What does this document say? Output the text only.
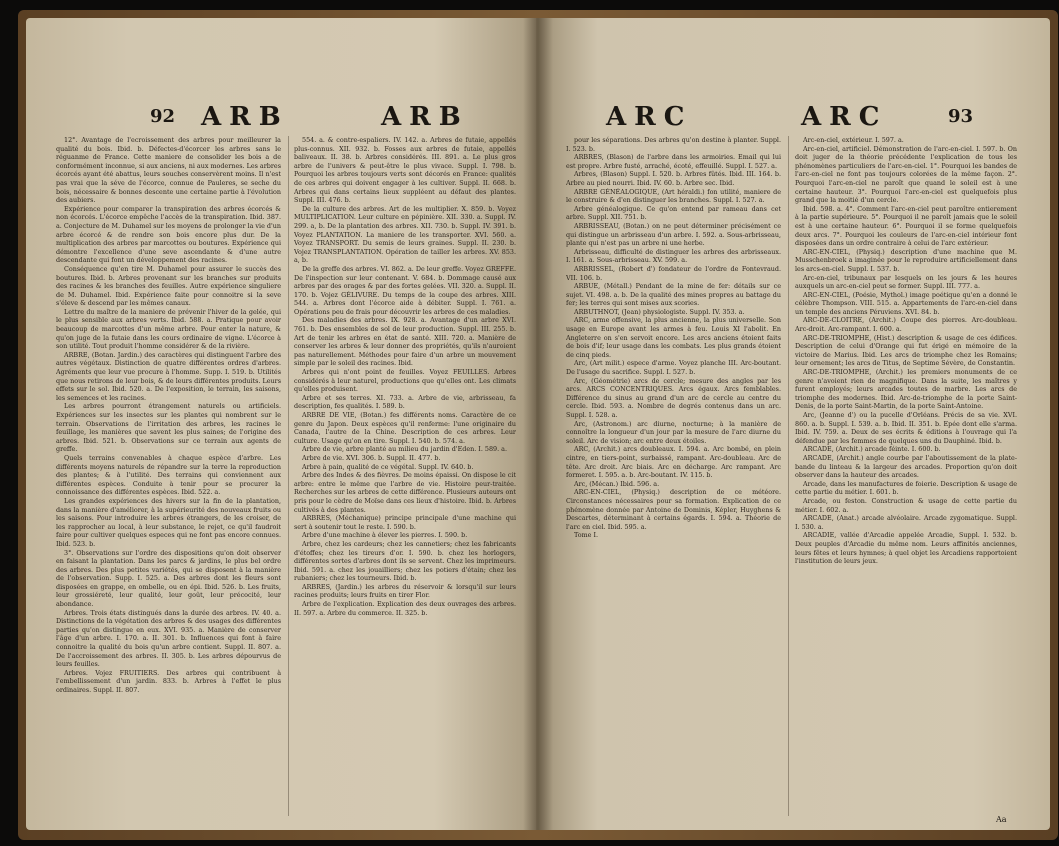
92 ARB	ARB

12°. Avantage de l'ecroissement des arbres pour meilleurer la qualité du bois. Ibid. b. Défectes-d'écorcer les arbres sans le réguanme de France. Cette maniere de consolider les bois a de conformément inconnue, si aux anciens, ni aux modernes. Les arbres écorcés ayant été abattus, leurs souches conservèrent moins. Il n'est pas vrai que la séve de l'écorce, connue de Pauleres, se seche du bois, nécessaire & bonnes descente une certaine partie à l'évolution des aubiers.

Expérience pour comparer la transpiration des arbres écorcés & non écorcés. L'écorce empêche l'accès de la transpiration. Ibid. 387. a. Conjecture de M. Duhamel sur les moyens de prolonger la vie d'un arbre écorcé & de rendre son bois encore plus dur. De la multiplication des arbres par marcottes ou boutures. Expérience qui démontre l'excellence d'une seve ascendante & d'une autre descendante qui font un développement des racines.

Conséquence qu'en tire M. Duhamel pour assurer le succès des boutures. Ibid. b. Arbres provenant sur les branches sur produits des racines & les branches des feuilles. Autre expérience singuliere de M. Duhamel. Ibid. Expérience faite pour connoitre si la seve s'éleve & descend par les mêmes canaux.

Lettre du maître de la maniere de prévenir l'hiver de la gelée, qui le plus sensible aux arbres verts. Ibid. 588. a. Pratique pour avoir beaucoup de marcottes d'un même arbre. Pour enter la nature, & qu'on juge de la futaie dans les cours ordinaire de vigne. L'écorce à son utilité. Tout produit l'homme considérer & de la rivière.

ARBRE, (Botan. Jardin.) des caractères qui distinguent l'arbre des autres végétaux. Distinction de quatre différentes ordres d'arbres. Agréments que leur vue procure à l'homme. Supp. I. 519. b. Utilités que nous retirons de leur bois, & de leurs différentes produits. Leurs effets sur le sol. Ibid. 520. a. De l'exposition, le terrain, les saisons, les semences et les racines.

Les arbres pourront étrangement naturels ou artificiels. Expériences sur les insectes sur les plantes qui nombrent sur le terrain. Observations de l'irritation des arbres, les racines le feuillage, les manières que savent les plus saines; de l'origine des arbres. Ibid. 521. b. Observations sur ce terrain aux agents de greffe.

Quels terrains convenables à chaque espèce d'arbre. Les différents moyens naturels de répandre sur la terre la reproduction des plantes; & à l'utilité. Des terrains qui conviennent aux différentes espèces. Conduite à tenir pour se procurer la connoissance des différentes espèces. Ibid. 522. a.

Les grandes expériences des hivers sur la fin de la plantation, dans la manière d'améliorer, à la supérieurité des nouveaux fruits ou les saisons. Pour introduire les arbres étrangers, de les croiser, de les rapprocher au local, à leur substance, le rejet, ce qu'il faudroit faire pour cultiver quelques especes qui ne font pas encore connues. Ibid. 523. b.

3°. Observations sur l'ordre des dispositions qu'on doit observer en faisant la plantation. Dans les parcs & jardins, le plus bel ordre des arbres. Des plus petites variétés, qui se disposent à la manière de l'observation. Supp. I. 525. a. Des arbres dont les fleurs sont disposées en grappe, en ombelle, ou en épi. Ibid. 526. b. Les fruits, leur grossiéreté, leur qualité, leur goût, leur précocité, leur abondance.

Arbres. Trois états distingués dans la durée des arbres. IV. 40. a. Distinctions de la végétation des arbres & des usages des différentes parties qu'on distingue en eux. XVI. 935. a. Manière de conserver l'âge d'un arbre. I. 170. a. II. 301. b. Influences qui font à faire connoitre la qualité du bois qu'un arbre contient. Suppl. II. 807. a. De l'accroissement des arbres. II. 305. b. Les arbres dépourvus de leurs feuilles.

Arbres. Vojez FRUITIERS. Des arbres qui contribuent à l'embellissement d'un jardin. 833. b. Arbres à l'effet le plus ordinaires. Suppl. II. 807.

554. a. & contre-espaliers. IV. 142. a. Arbres de futaie, appellés plus-connus. XII. 932. b. Fosses aux arbres de futaie, appellés baliveaux. II. 38. b. Arbres considérés. III. 891. a. Le plus gros arbre de l'univers & peut-être le plus vivace. Suppl. I. 798. b. Pourquoi les arbres toujours verts sont décorés en France: qualités de ces arbres qui doivent engager à les cultiver. Suppl. II. 668. b. Arbres qui dans certains lieux suppléent au défaut des plantes. Suppl. III. 476. b.

De la culture des arbres. Art de les multiplier. X. 859. b. Voyez MULTIPLICATION. Leur culture en pépinière. XII. 330. a. Suppl. IV. 299. a, b. De la plantation des arbres. XII. 730. b. Suppl. IV. 391. b. Voyez PLANTATION. La maniere de les transporter. XVI. 560. a. Voyez TRANSPORT. Du semis de leurs graines. Suppl. II. 230. b. Vojez TRANSPLANTATION. Opération de tailler les arbres. XV. 853. a, b.

De la greffe des arbres. VI. 862. a. De leur greffe. Voyez GREFFE. De l'inspection sur leur contenant. V. 684. b. Dommage causé aux arbres par des orages & par des fortes gelées. VII. 320. a. Suppl. II. 170. b. Vojez GÉLIVURE. Du temps de la coupe des arbres. XIII. 544. a. Arbres dont l'écorce aide à débiter. Suppl. I. 761. a. Opérations peu de frais pour découvrir les arbres de ces maladies.

Des maladies des arbres. IX. 928. a. Avantage d'un arbre XVI. 761. b. Des ensembles de sol de leur production. Suppl. III. 255. b. Art de tenir les arbres en état de santé. XIII. 720. a. Manière de conserver les arbres & leur donner des propriétés, qu'ils n'auroient pas naturellement. Méthodes pour faire d'un arbre un mouvement simple par le soleil des racines. Ibid.

Arbres qui n'ont point de feuilles. Voyez FEUILLES. Arbres considérés à leur naturel, productions que qu'elles ont. Les climats qu'elles produisent.

Arbre et ses terres. XI. 733. a. Arbre de vie, arbrisseau, fa description, fes qualités. I. 589. b.

ARBRE DE VIE, (Botan.) fes différents noms. Caractère de ce genre du Japon. Deux espèces qu'il renferme: l'une originaire du Canada, l'autre de la Chine. Description de ces arbres. Leur culture. Usage qu'on en tire. Suppl. I. 540. b. 574. a.

Arbre de vie, arbre planté au milieu du jardin d'Eden. I. 589. a.

Arbre de vie. XVI. 306. b. Suppl. II. 477. b.

Arbre à pain, qualité de ce végétal. Suppl. IV. 640. b.

Arbre des Indes & des fièvres. De moins épaissi. On dispose le cit arbre: entre le même que l'arbre de vie. Histoire peur-traitée. Recherches sur les arbres de cette différence. Plusieurs auteurs ont pris pour le cèdre de Moïse dans ces lieux d'histoire. Ibid. b. Arbres cultivés à des plantes.

ARBRES, (Méchanique) principe principale d'une machine qui sert à soutenir tout le reste. I. 590. b.

Arbre d'une machine à élever les pierres. I. 590. b.

Arbre, chez les cardeurs; chez les cannetiers; chez les fabricants d'étoffes; chez les tireurs d'or. I. 590. b. chez les horlogers, différentes sortes d'arbres dont ils se servent. Chez les imprimeurs. Ibid. 591. a. chez les jouailliers; chez les potiers d'étain; chez les rubaniers; chez les tourneurs. Ibid. b.

ARBRES, (Jardin.) les arbres du réservoir & lorsqu'il sur leurs racines produits; leurs fruits en tirer Flor.

Arbre de l'explication. Explication des deux ouvrages des arbres. II. 597. a. Arbre du commerce. II. 325. b.

ARC	ARC	93

pour les séparations. Des arbres qu'on destine à planter. Suppl. I. 523. b.

ARBRES, (Blason) de l'arbre dans les armoiries. Email qui lui est propre. Arbre fusté, arraché, écoté, effeuillé. Suppl. I. 527. a.

Arbres, (Blason) Suppl. I. 520. b. Arbres fûtés. Ibid. III. 164. b. Arbre au pied nourri. Ibid. IV. 60. b. Arbre sec. Ibid.

ARBRE GÉNÉALOGIQUE, (Art héraldi.) fon utilité, maniere de le construire & d'en distinguer les branches. Suppl. I. 527. a.

Arbre généalogique. Ce qu'on entend par rameau dans cet arbre. Suppl. XII. 751. b.

ARBRISSEAU, (Botan.) on ne peut déterminer précisément ce qui distingue un arbrisseau d'un arbre. I. 592. a. Sous-arbrisseau, plante qui n'est pas un arbre ni une herbe.

Arbrisseau, difficulté de distinguer les arbres des arbrisseaux. I. 161. a. Sous-arbrisseau. XV. 599. a.

ARBRISSEL, (Robert d') fondateur de l'ordre de Fontevraud. VII. 106. b.

ARBUE, (Métall.) Pendant de la mine de fer: détails sur ce sujet. VI. 498. a. b. De la qualité des mines propres au battage du fer; les terres qui sont mises aux scories.

ARBUTHNOT, (Jean) physiologiste. Suppl. IV. 353. a.

ARC, arme offensive, la plus ancienne, la plus universelle. Son usage en Europe avant les armes à feu. Louis XI l'abolit. En Angleterre on s'en servoit encore. Les arcs anciens étoient faits de bois d'if; leur usage dans les combats. Les plus grands étoient de cinq pieds.

Arc, (Art milit.) espece d'arme. Voyez planche III. Arc-boutant. De l'usage du sacrifice. Suppl. I. 527. b.

Arc, (Géométrie) arcs de cercle; mesure des angles par les arcs. ARCS CONCENTRIQUES. Arcs égaux. Arcs femblables. Différence du sinus au grand d'un arc de cercle au centre du cercle. Ibid. 593. a. Nombre de degrés contenus dans un arc. Suppl. I. 528. a.

Arc, (Astronom.) arc diurne, nocturne; à la manière de connoître la longueur d'un jour par la mesure de l'arc diurne du soleil. Arc de vision; arc entre deux étoiles.

ARC, (Archit.) arcs doubleaux. I. 594. a. Arc bombé, en plein cintre, en tiers-point, surbaissé, rampant. Arc-doubleau. Arc de tête. Arc droit. Arc biais. Arc en décharge. Arc rampant. Arc formeret. I. 595. a. b. Arc-boutant. IV. 115. b.

Arc, (Mécan.) Ibid. 596. a.

ARC-EN-CIEL, (Physiq.) description de ce météore. Circonstances nécessaires pour sa formation. Explication de ce phénomène donnée par Antoine de Dominis, Képler, Huyghens & Descartes, déterminant à certains égards. I. 594. a. Théorie de l'arc en ciel. Ibid. 595. a.

Tome I.

Arc-en-ciel, extérieur. I. 597. a.

Arc-en-ciel, artificiel. Démonstration de l'arc-en-ciel. I. 597. b. On doit juger de la théorie précédente l'explication de tous les phénomènes particuliers de l'arc-en-ciel. 1°. Pourquoi les bandes de l'arc-en-ciel ne font pas toujours colorées de la même façon. 2°. Pourquoi l'arc-en-ciel ne paroît que quand le soleil est à une certaine hauteur. 3°. Pourquoi l'arc-en-ciel est quelquefois plus grand que la moitié d'un cercle.

Ibid. 598. a. 4°. Comment l'arc-en-ciel peut paroître entierement à la partie supérieure. 5°. Pourquoi il ne paroît jamais que le soleil est à une certaine hauteur. 6°. Pourquoi il se forme quelquefois deux arcs. 7°. Pourquoi les couleurs de l'arc-en-ciel intérieur font disposées dans un ordre contraire à celui de l'arc extérieur.

ARC-EN-CIEL, (Physiq.) description d'une machine que M. Musschenbroek a imaginée pour le reproduire artificiellement dans les arcs-en-ciel. Suppl. I. 537. b.

Arc-en-ciel, tribunaux par lesquels on les jours & les heures auxquels un arc-en-ciel peut se former. Suppl. III. 777. a.

ARC-EN-CIEL, (Poésie, Mythol.) image poétique qu'en a donné le célèbre Thompson. VIII. 515. a. Appartements de l'arc-en-ciel dans un temple des anciens Péruviens. XVI. 84. b.

ARC-DE-CLOITRE, (Archit.) Coupe des pierres. Arc-doubleau. Arc-droit. Arc-rampant. I. 600. a.

ARC-DE-TRIOMPHE, (Hist.) description & usage de ces édifices. Description de celui d'Orange qui fut érigé en mémoire de la victoire de Marius. Ibid. Les arcs de triomphe chez les Romains; leur ornement; les arcs de Titus, de Septime Sévère, de Constantin.

ARC-DE-TRIOMPHE, (Archit.) les premiers monuments de ce genre n'avoient rien de magnifique. Dans la suite, les maîtres y furent employés; leurs arcades toutes de marbre. Les arcs de triomphe des modernes. Ibid. Arc-de-triomphe de la porte Saint-Denis, de la porte Saint-Martin, de la porte Saint-Antoine.

Arc, (Jeanne d') ou la pucelle d'Orléans. Précis de sa vie. XVI. 860. a. b. Suppl. I. 539. a. b. Ibid. II. 351. b. Epée dont elle s'arma. Ibid. IV. 759. a. Deux de ses écrits & éditions à l'ouvrage qui l'a défendue par les femmes de quelques uns du Dauphiné. Ibid. b.

ARCADE, (Archit.) arcade féinte. I. 600. b.

ARCADE, (Archit.) angle courbe par l'aboutissement de la plate-bande du linteau & la largeur des arcades. Proportion qu'on doit observer dans la hauteur des arcades.

Arcade, dans les manufactures de foierie. Description & usage de cette partie du métier. I. 601. b.

Arcade, ou feston. Construction & usage de cette partie du métier. I. 602. a.

ARCADE, (Anat.) arcade alvéolaire. Arcade zygomatique. Suppl. I. 530. a.

ARCADIE, vallée d'Arcadie appelée Arcadie, Suppl. I. 532. b. Deux peuples d'Arcadie du même nom. Leurs affinités anciennes, leurs fêtes et leurs hymnes; à quel objet les Arcadiens rapportoient l'institution de leurs jeux.

Aa
